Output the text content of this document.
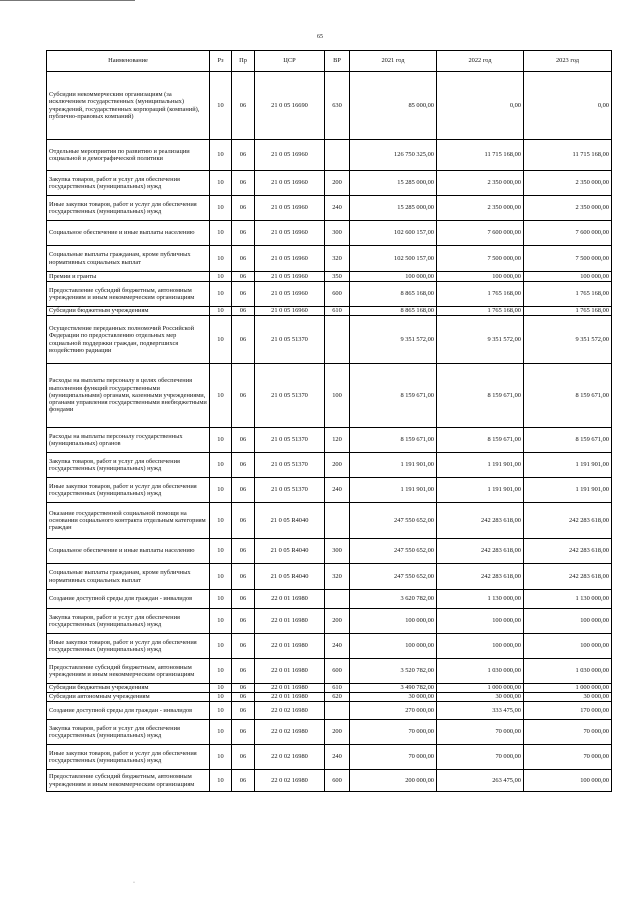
65
Наименование	Рз	Пр	ЦСР	ВР	2021 год	2022 год	2023 год
Субсидии некоммерческим организациям (за исключением государственных (муниципальных) учреждений, государственных корпораций (компаний), публично-правовых компаний)	10	06	21 0 05 16690	630	85 000,00	0,00	0,00
Отдельные мероприятия по развитию и реализации социальной и демографической политики	10	06	21 0 05 16960		126 750 325,00	11 715 168,00	11 715 168,00
Закупка товаров, работ и услуг для обеспечения государственных (муниципальных) нужд	10	06	21 0 05 16960	200	15 285 000,00	2 350 000,00	2 350 000,00
Иные закупки товаров, работ и услуг для обеспечения государственных (муниципальных) нужд	10	06	21 0 05 16960	240	15 285 000,00	2 350 000,00	2 350 000,00
Социальное обеспечение и иные выплаты населению	10	06	21 0 05 16960	300	102 600 157,00	7 600 000,00	7 600 000,00
Социальные выплаты гражданам, кроме публичных нормативных социальных выплат	10	06	21 0 05 16960	320	102 500 157,00	7 500 000,00	7 500 000,00
Премии и гранты	10	06	21 0 05 16960	350	100 000,00	100 000,00	100 000,00
Предоставление субсидий бюджетным, автономным учреждениям и иным некоммерческим организациям	10	06	21 0 05 16960	600	8 865 168,00	1 765 168,00	1 765 168,00
Субсидии бюджетным учреждениям	10	06	21 0 05 16960	610	8 865 168,00	1 765 168,00	1 765 168,00
Осуществление переданных полномочий Российской Федерации по предоставлению отдельных мер социальной поддержки граждан, подвергшихся воздействию радиации	10	06	21 0 05 51370		9 351 572,00	9 351 572,00	9 351 572,00
Расходы на выплаты персоналу в целях обеспечения выполнения функций государственными (муниципальными) органами, казенными учреждениями, органами управления государственными внебюджетными фондами	10	06	21 0 05 51370	100	8 159 671,00	8 159 671,00	8 159 671,00
Расходы на выплаты персоналу государственных (муниципальных) органов	10	06	21 0 05 51370	120	8 159 671,00	8 159 671,00	8 159 671,00
Закупка товаров, работ и услуг для обеспечения государственных (муниципальных) нужд	10	06	21 0 05 51370	200	1 191 901,00	1 191 901,00	1 191 901,00
Иные закупки товаров, работ и услуг для обеспечения государственных (муниципальных) нужд	10	06	21 0 05 51370	240	1 191 901,00	1 191 901,00	1 191 901,00
Оказание государственной социальной помощи на основании социального контракта отдельным категориям граждан	10	06	21 0 05 R4040		247 550 652,00	242 283 618,00	242 283 618,00
Социальное обеспечение и иные выплаты населению	10	06	21 0 05 R4040	300	247 550 652,00	242 283 618,00	242 283 618,00
Социальные выплаты гражданам, кроме публичных нормативных социальных выплат	10	06	21 0 05 R4040	320	247 550 652,00	242 283 618,00	242 283 618,00
Создание доступной среды для граждан - инвалидов	10	06	22 0 01 16980		3 620 782,00	1 130 000,00	1 130 000,00
Закупка товаров, работ и услуг для обеспечения государственных (муниципальных) нужд	10	06	22 0 01 16980	200	100 000,00	100 000,00	100 000,00
Иные закупки товаров, работ и услуг для обеспечения государственных (муниципальных) нужд	10	06	22 0 01 16980	240	100 000,00	100 000,00	100 000,00
Предоставление субсидий бюджетным, автономным учреждениям и иным некоммерческим организациям	10	06	22 0 01 16980	600	3 520 782,00	1 030 000,00	1 030 000,00
Субсидии бюджетным учреждениям	10	06	22 0 01 16980	610	3 490 782,00	1 000 000,00	1 000 000,00
Субсидии автономным учреждениям	10	06	22 0 01 16980	620	30 000,00	30 000,00	30 000,00
Создание доступной среды для граждан - инвалидов	10	06	22 0 02 16980		270 000,00	333 475,00	170 000,00
Закупка товаров, работ и услуг для обеспечения государственных (муниципальных) нужд	10	06	22 0 02 16980	200	70 000,00	70 000,00	70 000,00
Иные закупки товаров, работ и услуг для обеспечения государственных (муниципальных) нужд	10	06	22 0 02 16980	240	70 000,00	70 000,00	70 000,00
Предоставление субсидий бюджетным, автономным учреждениям и иным некоммерческим организациям	10	06	22 0 02 16980	600	200 000,00	263 475,00	100 000,00
·
